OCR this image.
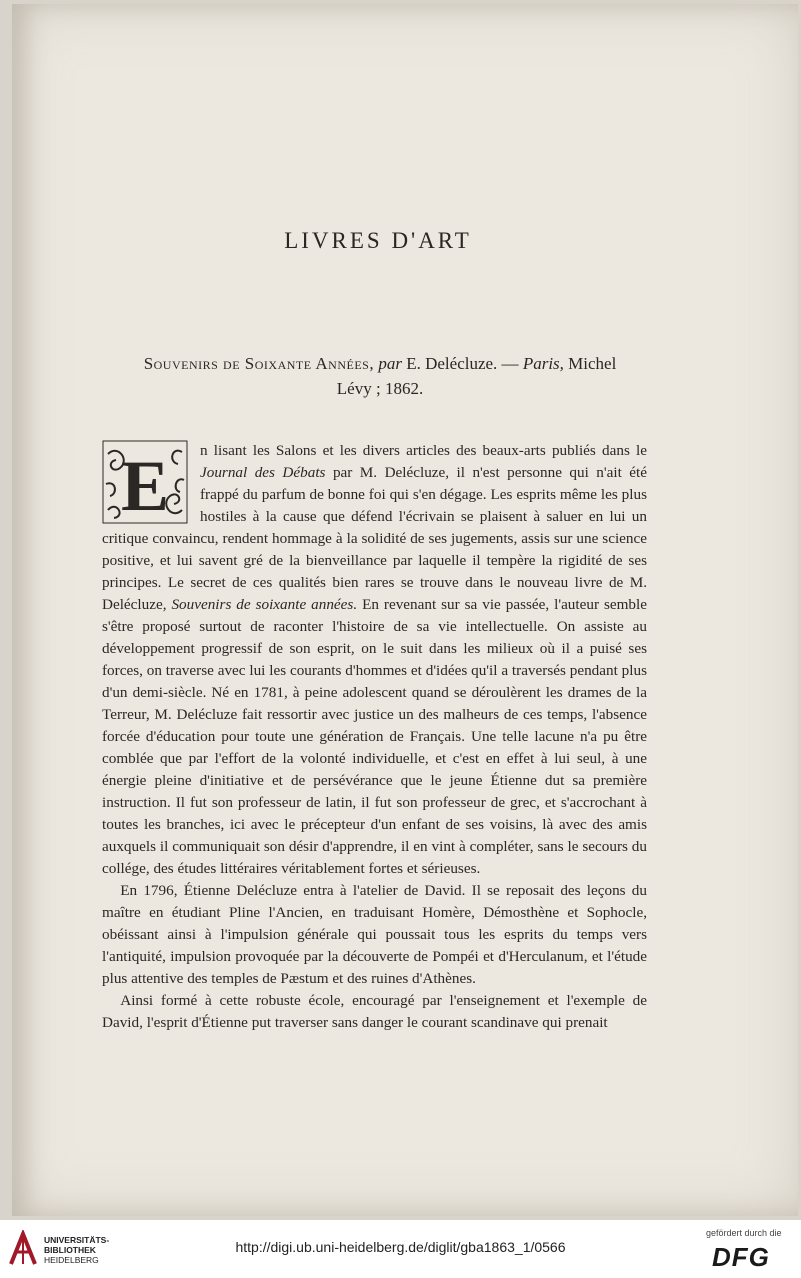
LIVRES D'ART
Souvenirs de Soixante Années, par E. Delécluze. — Paris, Michel
Lévy ; 1862.
E	n lisant les Salons et les divers articles des beaux-arts publiés dans le Journal des Débats par M. Delécluze, il n'est personne qui n'ait été frappé du parfum de bonne foi qui s'en dégage. Les esprits même les plus hostiles à la cause que défend l'écrivain se plaisent à saluer en lui un critique convaincu, rendent hommage à la solidité de ses jugements, assis sur une science positive, et lui savent gré de la bienveillance par laquelle il tempère la rigidité de ses principes. Le secret de ces qualités bien rares se trouve dans le nouveau livre de M. Delécluze, Souvenirs de soixante années. En revenant sur sa vie passée, l'auteur semble s'être proposé surtout de raconter l'histoire de sa vie intellectuelle. On assiste au développement progressif de son esprit, on le suit dans les milieux où il a puisé ses forces, on traverse avec lui les courants d'hommes et d'idées qu'il a traversés pendant plus d'un demi-siècle. Né en 1781, à peine adolescent quand se déroulèrent les drames de la Terreur, M. Delécluze fait ressortir avec justice un des malheurs de ces temps, l'absence forcée d'éducation pour toute une génération de Français. Une telle lacune n'a pu être comblée que par l'effort de la volonté individuelle, et c'est en effet à lui seul, à une énergie pleine d'initiative et de persévérance que le jeune Étienne dut sa première instruction. Il fut son professeur de latin, il fut son professeur de grec, et s'accrochant à toutes les branches, ici avec le précepteur d'un enfant de ses voisins, là avec des amis auxquels il communiquait son désir d'apprendre, il en vint à compléter, sans le secours du collége, des études littéraires véritablement fortes et sérieuses.

En 1796, Étienne Delécluze entra à l'atelier de David. Il se reposait des leçons du maître en étudiant Pline l'Ancien, en traduisant Homère, Démosthène et Sophocle, obéissant ainsi à l'impulsion générale qui poussait tous les esprits du temps vers l'antiquité, impulsion provoquée par la découverte de Pompéi et d'Herculanum, et l'étude plus attentive des temples de Pæstum et des ruines d'Athènes.

Ainsi formé à cette robuste école, encouragé par l'enseignement et l'exemple de David, l'esprit d'Étienne put traverser sans danger le courant scandinave qui prenait

UNIVERSITÄTS-
BIBLIOTHEK
HEIDELBERG
http://digi.ub.uni-heidelberg.de/diglit/gba1863_1/0566
gefördert durch die
DFG
